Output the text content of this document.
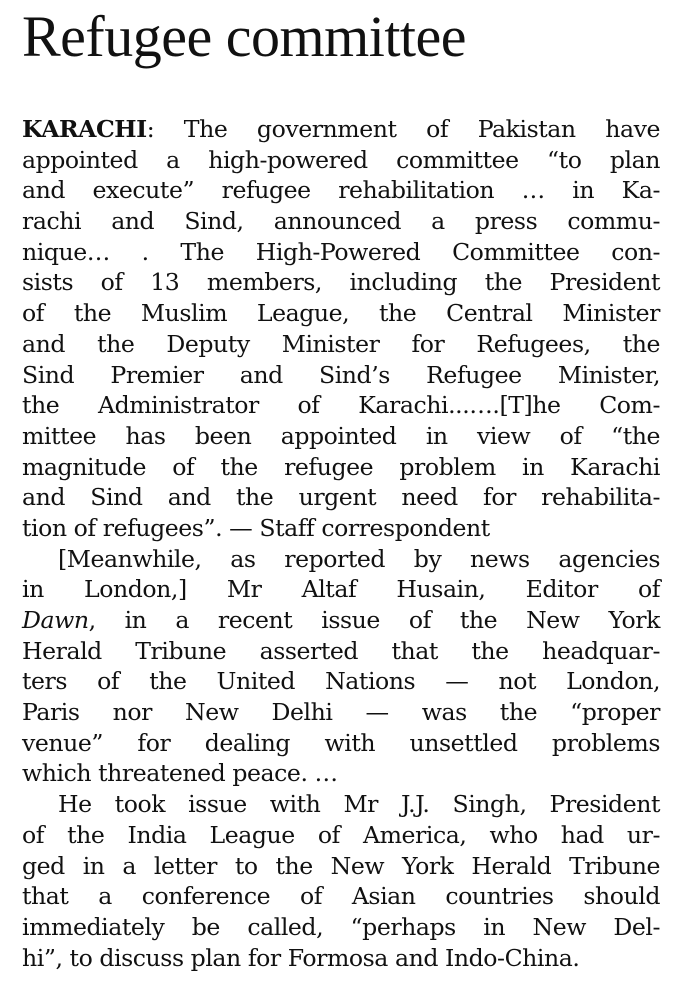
Refugee committee
KARACHI: The government of Pakistan have
appointed a high-powered committee “to plan
and execute” refugee rehabilitation … in Ka-
rachi and Sind, announced a press commu-
nique… . The High-Powered Committee con-
sists of 13 members, including the President
of the Muslim League, the Central Minister
and the Deputy Minister for Refugees, the
Sind Premier and Sind’s Refugee Minister,
the Administrator of Karachi...….[T]he Com-
mittee has been appointed in view of “the
magnitude of the refugee problem in Karachi
and Sind and the urgent need for rehabilita-
tion of refugees”. — Staff correspondent
[Meanwhile, as reported by news agencies
in London,] Mr Altaf Husain, Editor of
Dawn, in a recent issue of the New York
Herald Tribune asserted that the headquar-
ters of the United Nations — not London,
Paris nor New Delhi — was the “proper
venue” for dealing with unsettled problems
which threatened peace. …
He took issue with Mr J.J. Singh, President
of the India League of America, who had ur-
ged in a letter to the New York Herald Tribune
that a conference of Asian countries should
immediately be called, “perhaps in New Del-
hi”, to discuss plan for Formosa and Indo-China.
